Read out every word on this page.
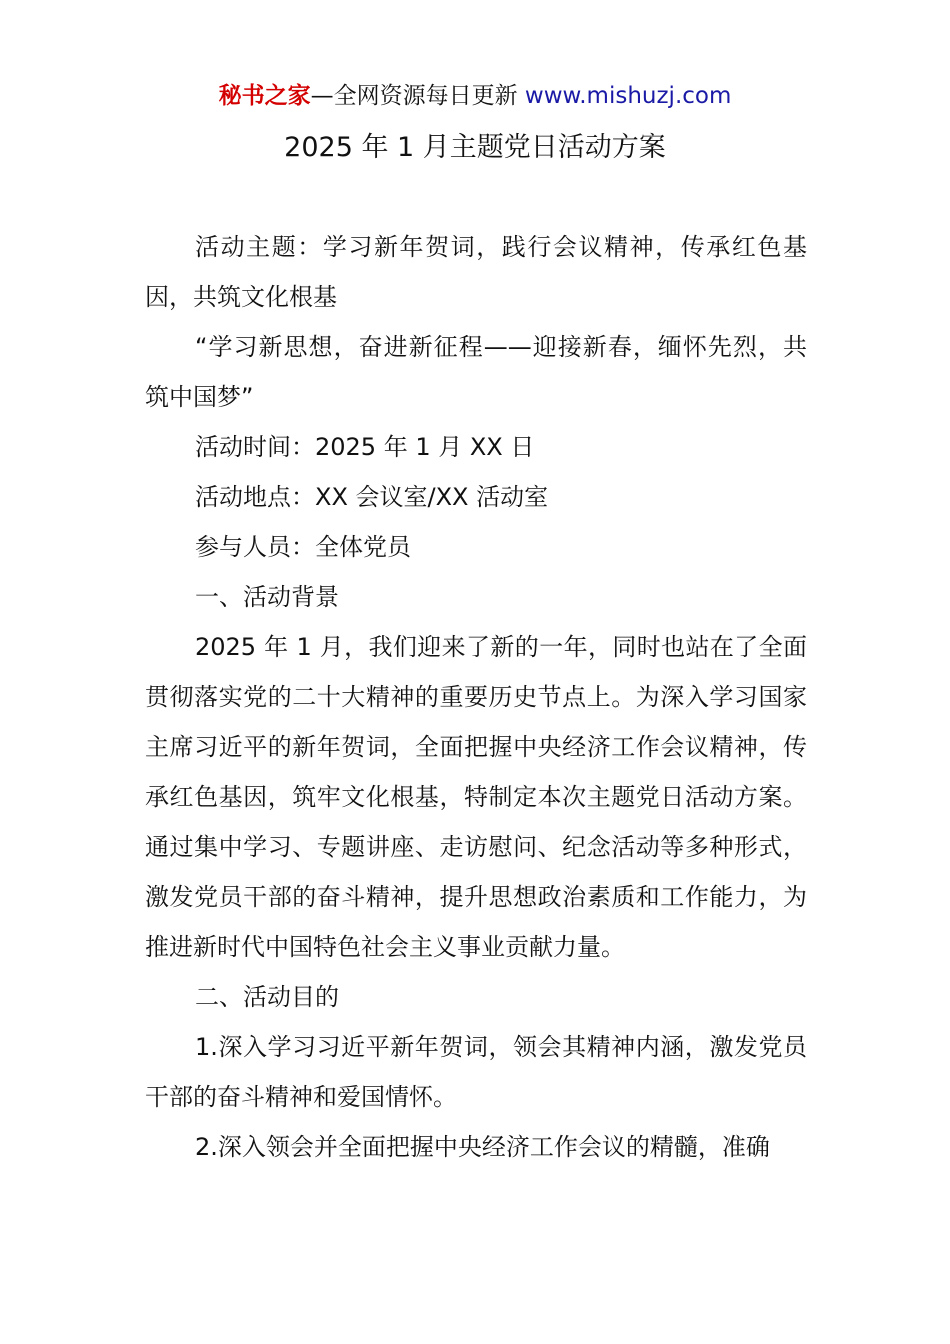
秘书之家—全网资源每日更新 www.mishuzj.com
2025 年 1 月主题党日活动方案

活动主题：学习新年贺词，践行会议精神，传承红色基因，共筑文化根基

“学习新思想，奋进新征程——迎接新春，缅怀先烈，共筑中国梦”

活动时间：2025 年 1 月 XX 日

活动地点：XX 会议室/XX 活动室

参与人员：全体党员

一、活动背景

2025 年 1 月，我们迎来了新的一年，同时也站在了全面贯彻落实党的二十大精神的重要历史节点上。为深入学习国家主席习近平的新年贺词，全面把握中央经济工作会议精神，传承红色基因，筑牢文化根基，特制定本次主题党日活动方案。通过集中学习、专题讲座、走访慰问、纪念活动等多种形式，激发党员干部的奋斗精神，提升思想政治素质和工作能力，为推进新时代中国特色社会主义事业贡献力量。

二、活动目的

1.深入学习习近平新年贺词，领会其精神内涵，激发党员干部的奋斗精神和爱国情怀。

2.深入领会并全面把握中央经济工作会议的精髓，准确
